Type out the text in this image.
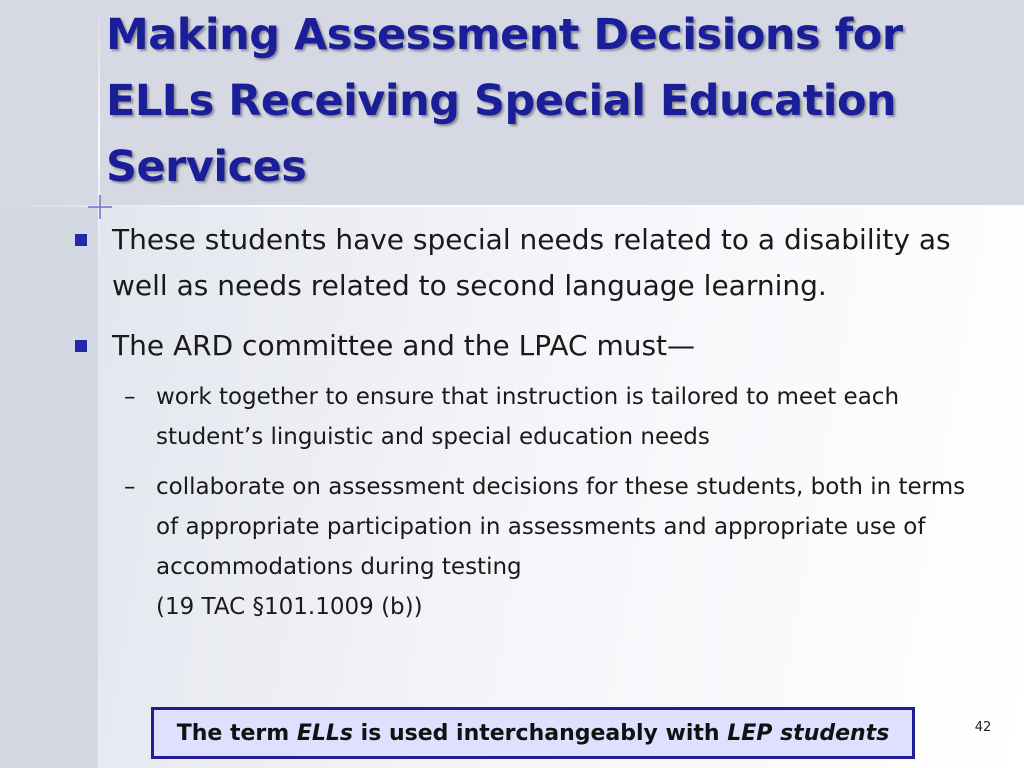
Making Assessment Decisions for
ELLs Receiving Special Education
Services

These students have special needs related to a disability as well as needs related to second language learning.

The ARD committee and the LPAC must—

– work together to ensure that instruction is tailored to meet each student’s linguistic and special education needs

– collaborate on assessment decisions for these students, both in terms of appropriate participation in assessments and appropriate use of accommodations during testing
(19 TAC §101.1009 (b))

The term ELLs is used interchangeably with LEP students	42
